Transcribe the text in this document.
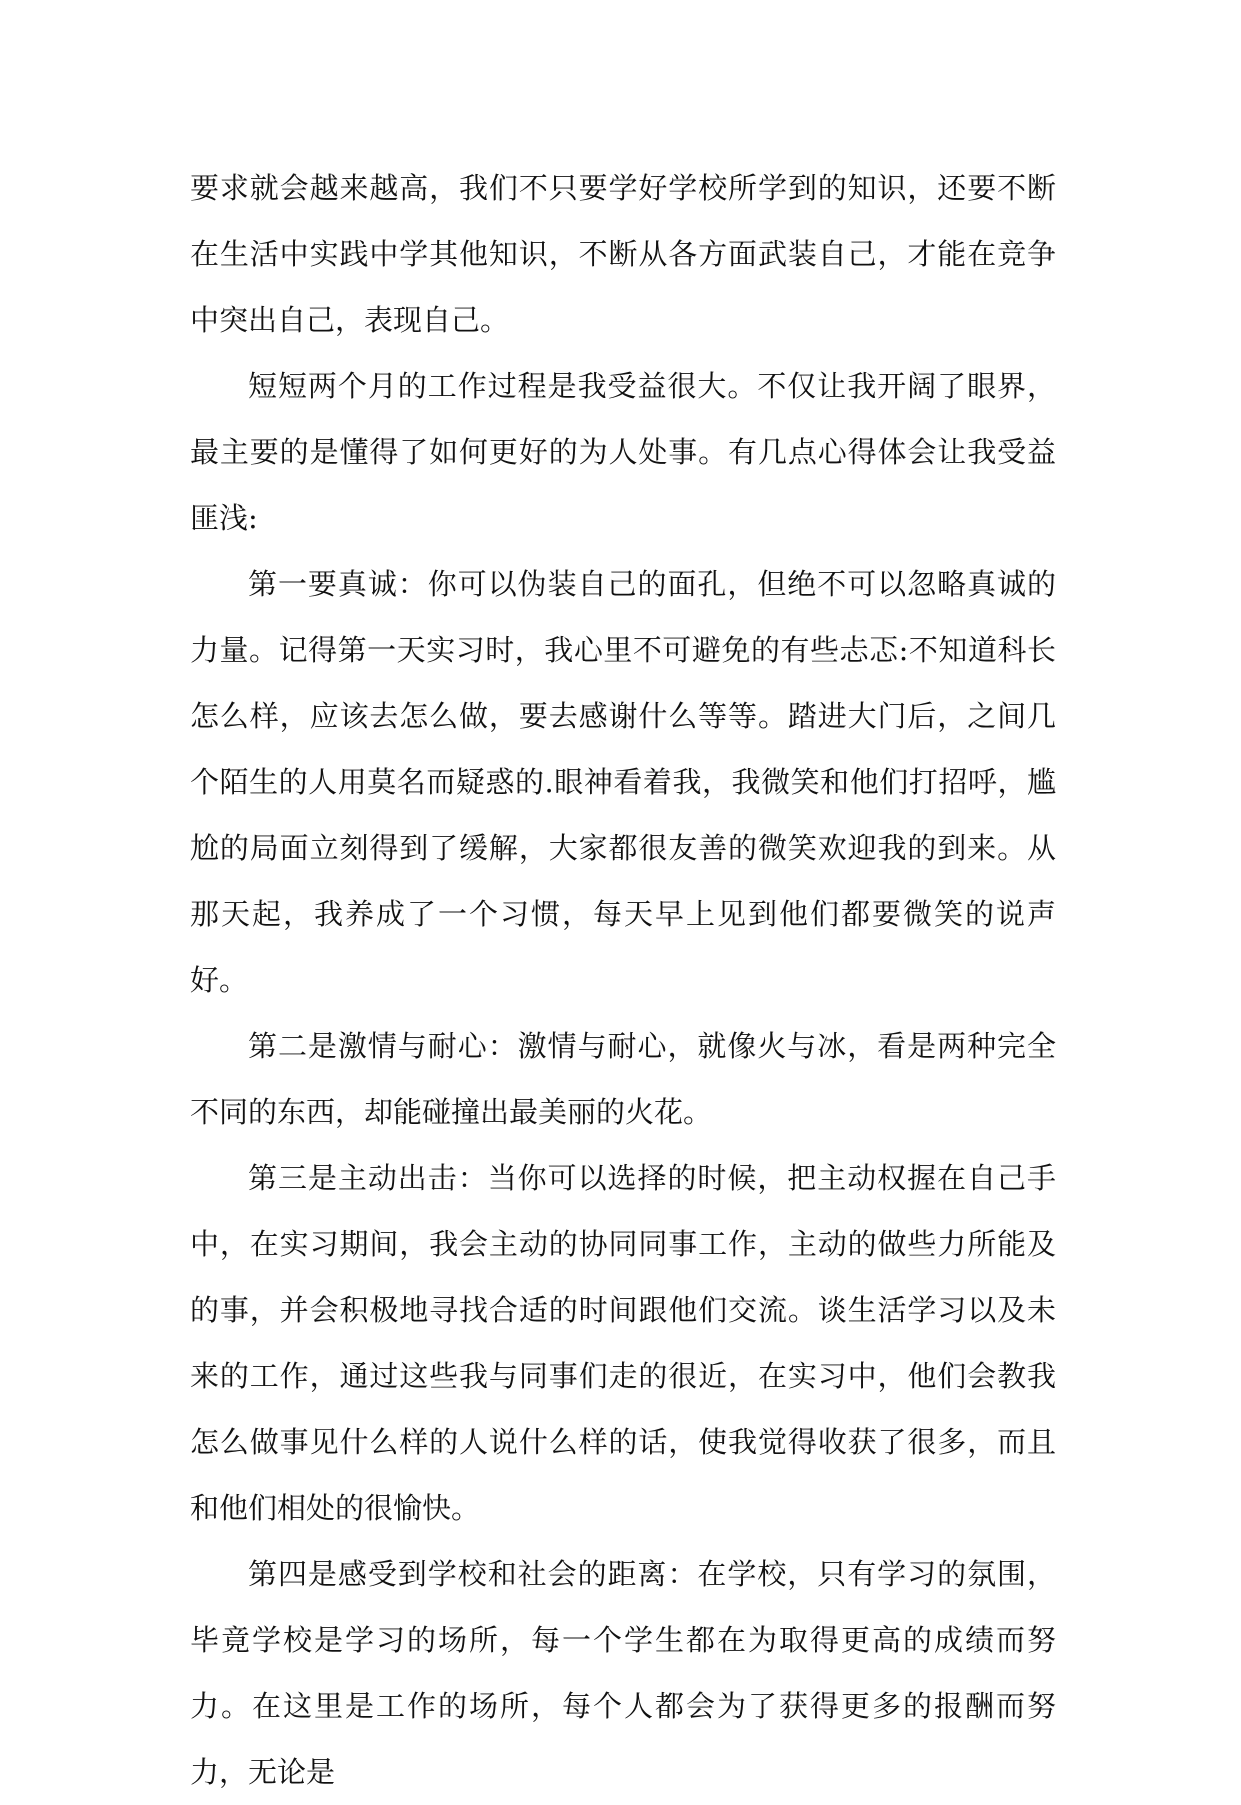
要求就会越来越高，我们不只要学好学校所学到的知识，还要不断在生活中实践中学其他知识，不断从各方面武装自己，才能在竞争中突出自己，表现自己。

短短两个月的工作过程是我受益很大。不仅让我开阔了眼界，最主要的是懂得了如何更好的为人处事。有几点心得体会让我受益匪浅:

第一要真诚：你可以伪装自己的面孔，但绝不可以忽略真诚的力量。记得第一天实习时，我心里不可避免的有些忐忑:不知道科长怎么样，应该去怎么做，要去感谢什么等等。踏进大门后，之间几个陌生的人用莫名而疑惑的.眼神看着我，我微笑和他们打招呼，尴尬的局面立刻得到了缓解，大家都很友善的微笑欢迎我的到来。从那天起，我养成了一个习惯，每天早上见到他们都要微笑的说声好。

第二是激情与耐心：激情与耐心，就像火与冰，看是两种完全不同的东西，却能碰撞出最美丽的火花。

第三是主动出击：当你可以选择的时候，把主动权握在自己手中，在实习期间，我会主动的协同同事工作，主动的做些力所能及的事，并会积极地寻找合适的时间跟他们交流。谈生活学习以及未来的工作，通过这些我与同事们走的很近，在实习中，他们会教我怎么做事见什么样的人说什么样的话，使我觉得收获了很多，而且和他们相处的很愉快。

第四是感受到学校和社会的距离：在学校，只有学习的氛围，毕竟学校是学习的场所，每一个学生都在为取得更高的成绩而努力。在这里是工作的场所，每个人都会为了获得更多的报酬而努力，无论是
